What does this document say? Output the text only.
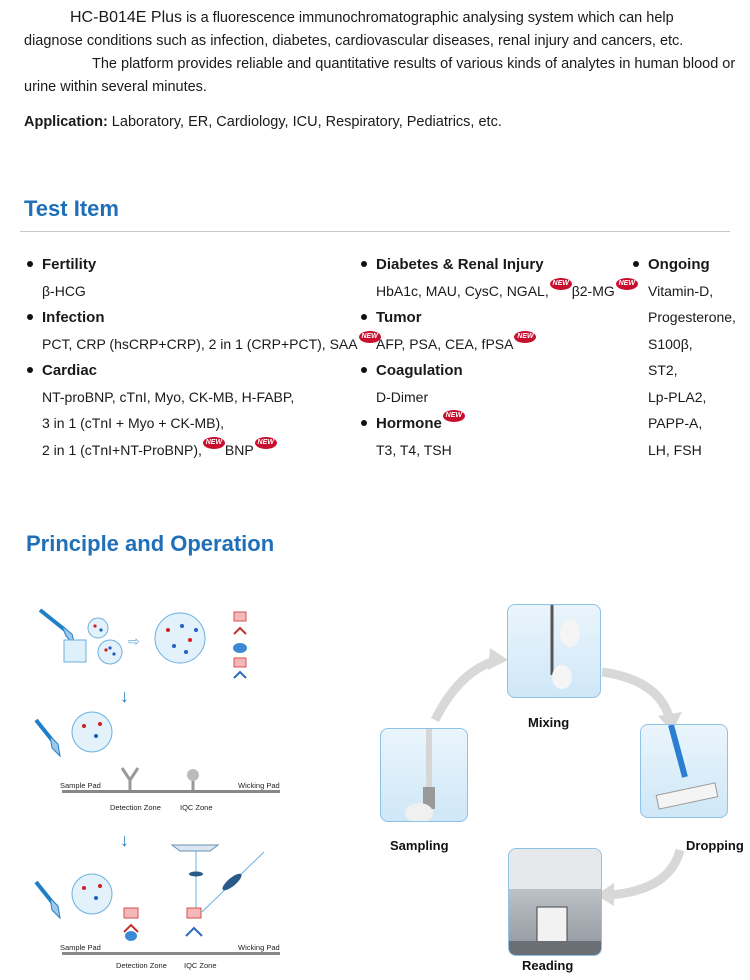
HC-B014E Plus is a fluorescence immunochromatographic analysing system which can help diagnose conditions such as infection, diabetes, cardiovascular diseases, renal injury and cancers, etc.

The platform provides reliable and quantitative results of various kinds of analytes in human blood or urine within several minutes.

Application: Laboratory, ER, Cardiology, ICU, Respiratory, Pediatrics, etc.
Test Item
Fertility
β-HCG
Infection
PCT, CRP (hsCRP+CRP), 2 in 1 (CRP+PCT), SAA NEW
Cardiac
NT-proBNP, cTnI, Myo, CK-MB, H-FABP,
3 in 1 (cTnI + Myo + CK-MB),
2 in 1 (cTnI+NT-ProBNP), NEW BNP NEW
Diabetes & Renal Injury
HbA1c, MAU, CysC, NGAL, NEW β2-MG NEW
Tumor
AFP, PSA, CEA, fPSA NEW
Coagulation
D-Dimer
Hormone NEW
T3, T4, TSH
Ongoing
Vitamin-D,
Progesterone,
S100β,
ST2,
Lp-PLA2,
PAPP-A,
LH, FSH
Principle and Operation
⇨
↓
Sample Pad	Wicking Pad
Detection Zone	IQC Zone
↓
Sample Pad	Wicking Pad
Detection Zone IQC Zone
Mixing
Sampling	Dropping
Reading
